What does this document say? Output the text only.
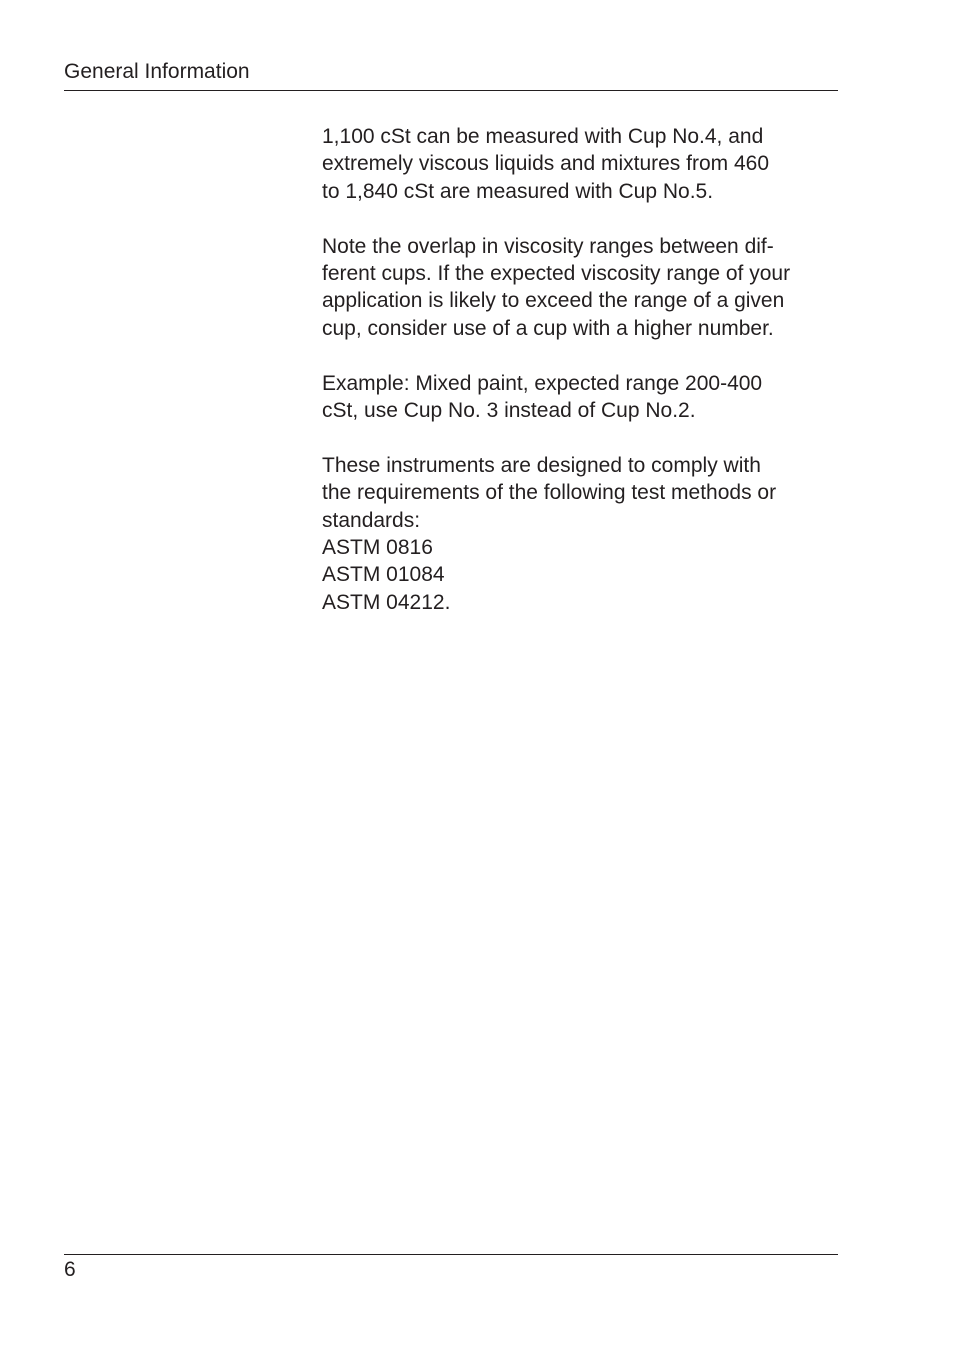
General Information

1,100 cSt can be measured with Cup No.4, and
extremely viscous liquids and mixtures from 460
to 1,840 cSt are measured with Cup No.5.

Note the overlap in viscosity ranges between dif-
ferent cups. If the expected viscosity range of your
application is likely to exceed the range of a given
cup, consider use of a cup with a higher number.

Example: Mixed paint, expected range 200-400
cSt, use Cup No. 3 instead of Cup No.2.

These instruments are designed to comply with
the requirements of the following test methods or
standards:
ASTM 0816
ASTM 01084
ASTM 04212.

6
